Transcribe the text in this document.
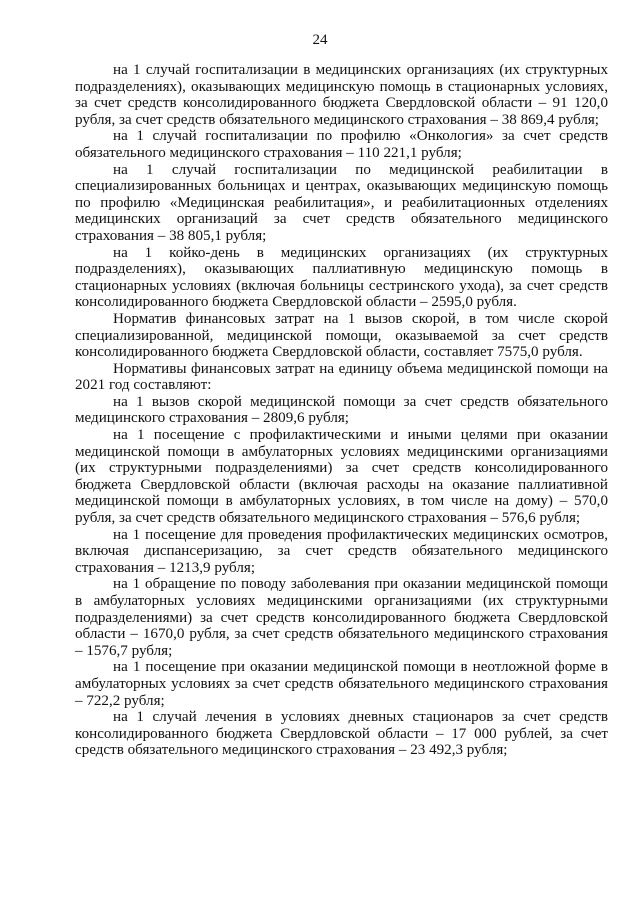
24

на 1 случай госпитализации в медицинских организациях (их структурных подразделениях), оказывающих медицинскую помощь в стационарных условиях, за счет средств консолидированного бюджета Свердловской области – 91 120,0 рубля, за счет средств обязательного медицинского страхования – 38 869,4 рубля;

на 1 случай госпитализации по профилю «Онкология» за счет средств обязательного медицинского страхования – 110 221,1 рубля;

на 1 случай госпитализации по медицинской реабилитации в специализированных больницах и центрах, оказывающих медицинскую помощь по профилю «Медицинская реабилитация», и реабилитационных отделениях медицинских организаций за счет средств обязательного медицинского страхования – 38 805,1 рубля;

на 1 койко-день в медицинских организациях (их структурных подразделениях), оказывающих паллиативную медицинскую помощь в стационарных условиях (включая больницы сестринского ухода), за счет средств консолидированного бюджета Свердловской области – 2595,0 рубля.

Норматив финансовых затрат на 1 вызов скорой, в том числе скорой специализированной, медицинской помощи, оказываемой за счет средств консолидированного бюджета Свердловской области, составляет 7575,0 рубля.

Нормативы финансовых затрат на единицу объема медицинской помощи на 2021 год составляют:

на 1 вызов скорой медицинской помощи за счет средств обязательного медицинского страхования – 2809,6 рубля;

на 1 посещение с профилактическими и иными целями при оказании медицинской помощи в амбулаторных условиях медицинскими организациями (их структурными подразделениями) за счет средств консолидированного бюджета Свердловской области (включая расходы на оказание паллиативной медицинской помощи в амбулаторных условиях, в том числе на дому) – 570,0 рубля, за счет средств обязательного медицинского страхования – 576,6 рубля;

на 1 посещение для проведения профилактических медицинских осмотров, включая диспансеризацию, за счет средств обязательного медицинского страхования – 1213,9 рубля;

на 1 обращение по поводу заболевания при оказании медицинской помощи в амбулаторных условиях медицинскими организациями (их структурными подразделениями) за счет средств консолидированного бюджета Свердловской области – 1670,0 рубля, за счет средств обязательного медицинского страхования – 1576,7 рубля;

на 1 посещение при оказании медицинской помощи в неотложной форме в амбулаторных условиях за счет средств обязательного медицинского страхования – 722,2 рубля;

на 1 случай лечения в условиях дневных стационаров за счет средств консолидированного бюджета Свердловской области – 17 000 рублей, за счет средств обязательного медицинского страхования – 23 492,3 рубля;
